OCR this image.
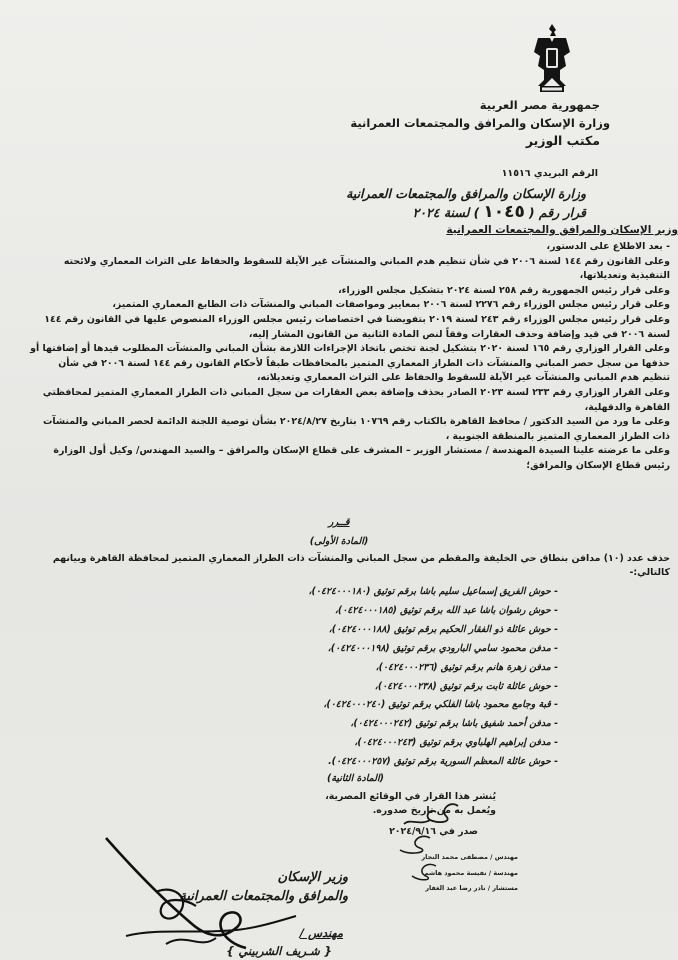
جمهورية مصر العربية
وزارة الإسكان والمرافق والمجتمعات العمرانية
مكتب الوزير
الرقم البريدي ١١٥١٦
وزارة الإسكان والمرافق والمجتمعات العمرانية
قرار رقم (١٠٤٥) لسنة ٢٠٢٤
وزير الإسكان والمرافق والمجتمعات العمرانية

- بعد الاطلاع على الدستور،

وعلى القانون رقم ١٤٤ لسنة ٢٠٠٦ في شأن تنظيم هدم المباني والمنشآت غير الآيلة للسقوط والحفاظ على التراث المعماري ولائحته التنفيذية وتعديلاتها،

وعلى قرار رئيس الجمهورية رقم ٢٥٨ لسنة ٢٠٢٤ بتشكيل مجلس الوزراء،

وعلى قرار رئيس مجلس الوزراء رقم ٢٢٧٦ لسنة ٢٠٠٦ بمعايير ومواصفات المباني والمنشآت ذات الطابع المعماري المتميز،

وعلى قرار رئيس مجلس الوزراء رقم ٢٤٣ لسنة ٢٠١٩ بتفويضنا في اختصاصات رئيس مجلس الوزراء المنصوص عليها في القانون رقم ١٤٤ لسنة ٢٠٠٦ في قيد وإضافة وحذف العقارات وفقاً لنص المادة الثانية من القانون المشار إليه،

وعلى القرار الوزاري رقم ١٦٥ لسنة ٢٠٢٠ بتشكيل لجنة تختص باتخاذ الإجراءات اللازمة بشأن المباني والمنشآت المطلوب قيدها أو إضافتها أو حذفها من سجل حصر المباني والمنشآت ذات الطراز المعماري المتميز بالمحافظات طبقاً لأحكام القانون رقم ١٤٤ لسنة ٢٠٠٦ في شأن تنظيم هدم المباني والمنشآت غير الآيلة للسقوط والحفاظ على التراث المعماري وتعديلاته،

وعلى القرار الوزاري رقم ٢٣٣ لسنة ٢٠٢٣ الصادر بحذف وإضافة بعض العقارات من سجل المباني ذات الطراز المعماري المتميز لمحافظتي القاهرة والدقهلية،

وعلى ما ورد من السيد الدكتور / محافظ القاهرة بالكتاب رقم ١٠٧٦٩ بتاريخ ٢٠٢٤/٨/٢٧ بشأن توصية اللجنة الدائمة لحصر المباني والمنشآت ذات الطراز المعماري المتميز بالمنطقة الجنوبية ،

وعلى ما عرضته علينا السيدة المهندسة / مستشار الوزير – المشرف على قطاع الإسكان والمرافق – والسيد المهندس/ وكيل أول الوزارة رئيس قطاع الإسكان والمرافق؛

قــرر
(المادة الأولى)
حذف عدد (١٠) مدافن بنطاق حي الخليفة والمقطم من سجل المباني والمنشآت ذات الطراز المعماري المتميز لمحافظة القاهرة وبيانهم كالتالي:-
- حوش الفريق إسماعيل سليم باشا برقم توثيق (٠٤٢٤٠٠٠١٨٠)،
- حوش رشوان باشا عبد الله برقم توثيق (٠٤٢٤٠٠٠١٨٥)،
- حوش عائلة ذو الفقار الحكيم برقم توثيق (٠٤٢٤٠٠٠١٨٨)،
- مدفن محمود سامي البارودي برقم توثيق (٠٤٢٤٠٠٠١٩٨)،
- مدفن زهرة هانم برقم توثيق (٠٤٢٤٠٠٠٢٣٦)،
- حوش عائلة ثابت برقم توثيق (٠٤٢٤٠٠٠٢٣٨)،
- قبة وجامع محمود باشا الفلكي برقم توثيق (٠٤٢٤٠٠٠٢٤٠)،
- مدفن أحمد شفيق باشا برقم توثيق (٠٤٢٤٠٠٠٢٤٢)،
- مدفن إبراهيم الهلباوي برقم توثيق (٠٤٢٤٠٠٠٢٤٣)،
- حوش عائلة المعظم السورية برقم توثيق (٠٤٢٤٠٠٠٢٥٧).
(المادة الثانية)
يُنشر هذا القرار في الوقائع المصرية،
ويُعمل به من تاريخ صدوره.
صدر في ٢٠٢٤/٩/١٦
مهندس / مصطفى محمد النجار
مهندسة / نفيسة محمود هاشم
مستشار / نادر رضا عبد الغفار
وزير الإسكان
والمرافق والمجتمعات العمرانية
مهندس /
{ شـريف الشربيني }
